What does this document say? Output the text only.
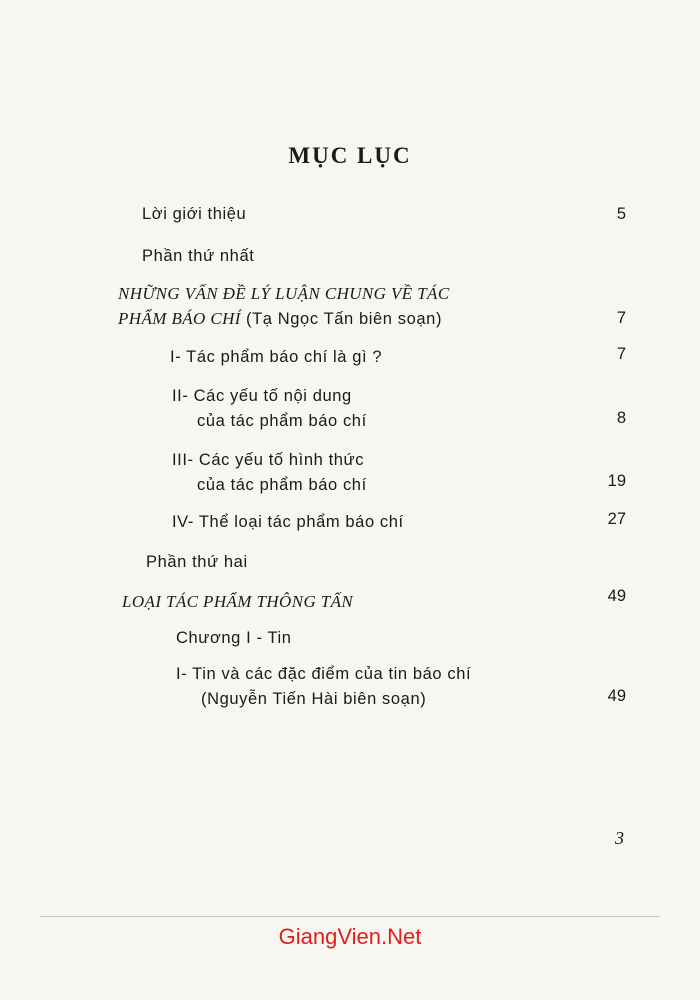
MỤC LỤC
Lời giới thiệu	5
Phần thứ nhất
NHỮNG VẤN ĐỀ LÝ LUẬN CHUNG VỀ TÁC
PHẨM BÁO CHÍ (Tạ Ngọc Tấn biên soạn)	7
I- Tác phẩm báo chí là gì ?	7
II- Các yếu tố nội dung
của tác phẩm báo chí	8
III- Các yếu tố hình thức
của tác phẩm báo chí	19
IV- Thể loại tác phẩm báo chí	27
Phần thứ hai
LOẠI TÁC PHẨM THÔNG TẤN	49
Chương I - Tin
I- Tin và các đặc điểm của tin báo chí
(Nguyễn Tiến Hài biên soạn)	49
3
GiangVien.Net
